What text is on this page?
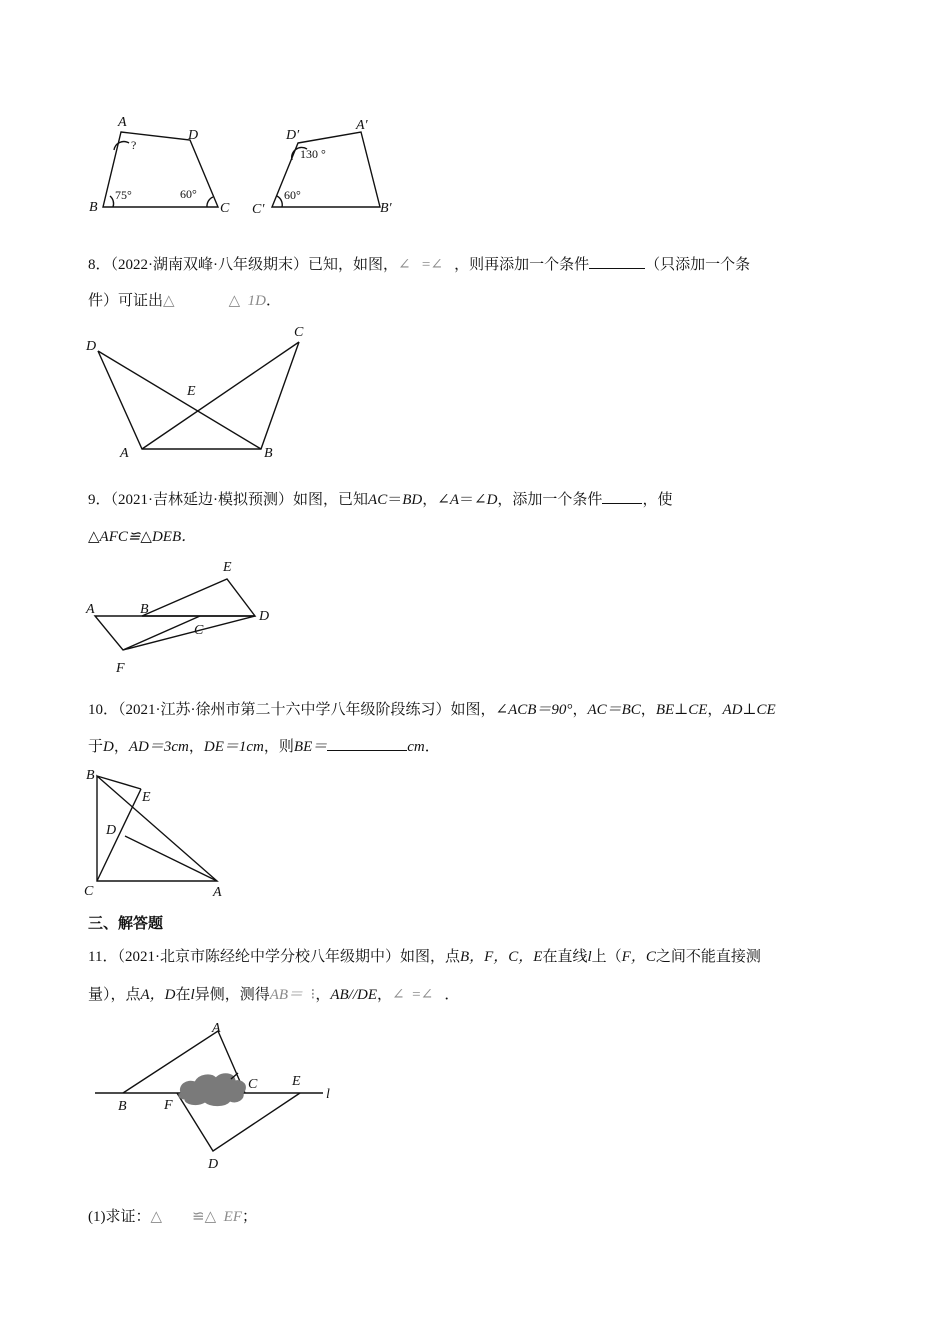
A
D
B	C
?
75°	60°
D′
A′
C′	B′
130 °
60°
8．（2022·湖南双峰·八年级期末）已知，如图，∠ =∠ ，则再添加一个条件	（只添加一个条
件）可证出△	△ 1D．
D
C
E
A	B
9．（2021·吉林延边·模拟预测）如图，已知AC＝BD，∠A＝∠D，添加一个条件	，使
△AFC≌△DEB．
E
A	B	D
C
F
10．（2021·江苏·徐州市第二十六中学八年级阶段练习）如图，∠ACB＝90°，AC＝BC，BE⊥CE，AD⊥CE
于D，AD＝3cm，DE＝1cm，则BE＝	cm．
B
E
D
C	A
三、解答题
11．（2021·北京市陈经纶中学分校八年级期中）如图，点B，F，C，E在直线l上（F，C之间不能直接测
量），点A，D在l异侧，测得AB＝ ⁝，AB//DE，∠ =∠ ．
A
C E
l
B	F
D
(1)求证：△ ≌△ EF；
